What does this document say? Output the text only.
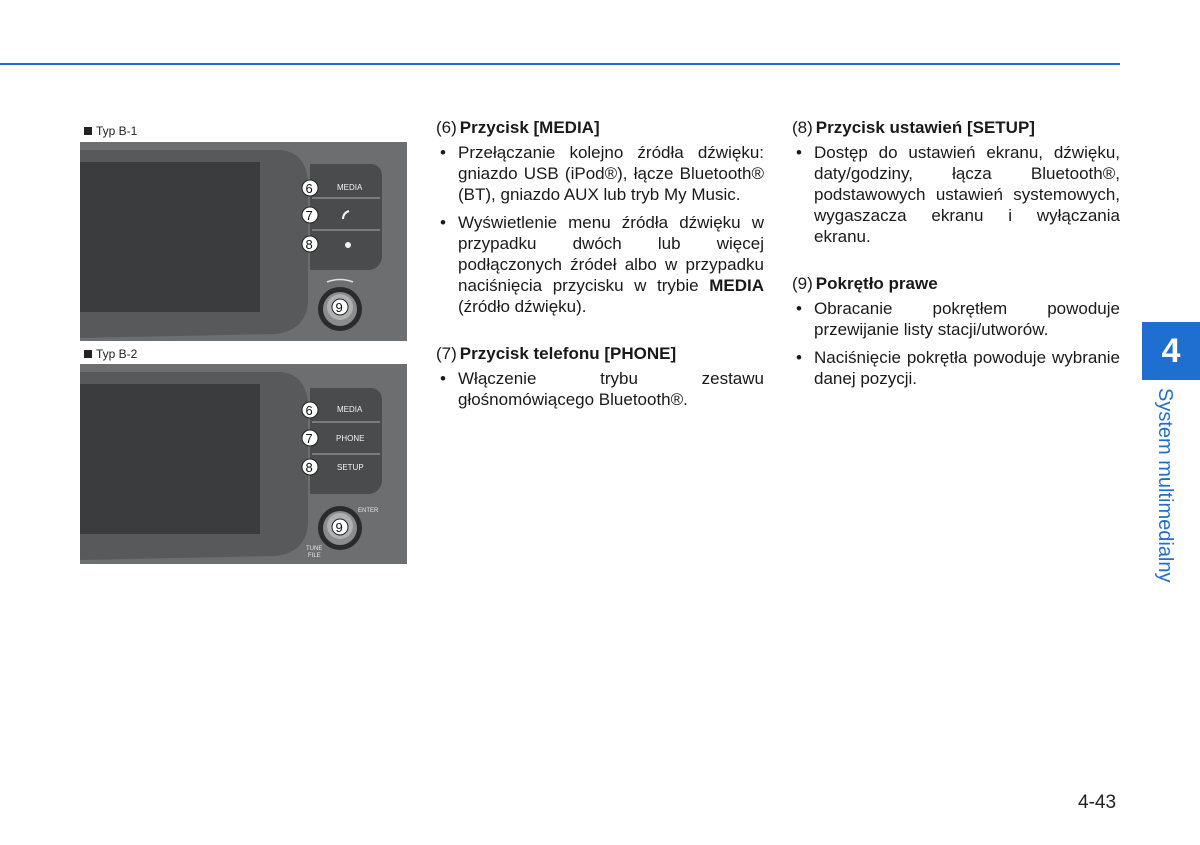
Typ B-1
MEDIA
6
7
8
9
Typ B-2
MEDIA
PHONE
SETUP
ENTER
TUNE
FILE
6
7
8
9
(6) Przycisk [MEDIA]
• Przełączanie kolejno źródła dźwięku: gniazdo USB (iPod®), łącze Bluetooth® (BT), gniazdo AUX lub tryb My Music.
• Wyświetlenie menu źródła dźwięku w przypadku dwóch lub więcej podłączonych źródeł albo w przypadku naciśnięcia przycisku w trybie MEDIA (źródło dźwięku).
(7) Przycisk telefonu [PHONE]
• Włączenie trybu zestawu głośnomówiącego Bluetooth®.
(8) Przycisk ustawień [SETUP]
• Dostęp do ustawień ekranu, dźwięku, daty/godziny, łącza Bluetooth®, podstawowych ustawień systemowych, wygaszacza ekranu i wyłączania ekranu.
(9) Pokrętło prawe
• Obracanie pokrętłem powoduje przewijanie listy stacji/utworów.
• Naciśnięcie pokrętła powoduje wybranie danej pozycji.
4
System multimedialny
4-43
